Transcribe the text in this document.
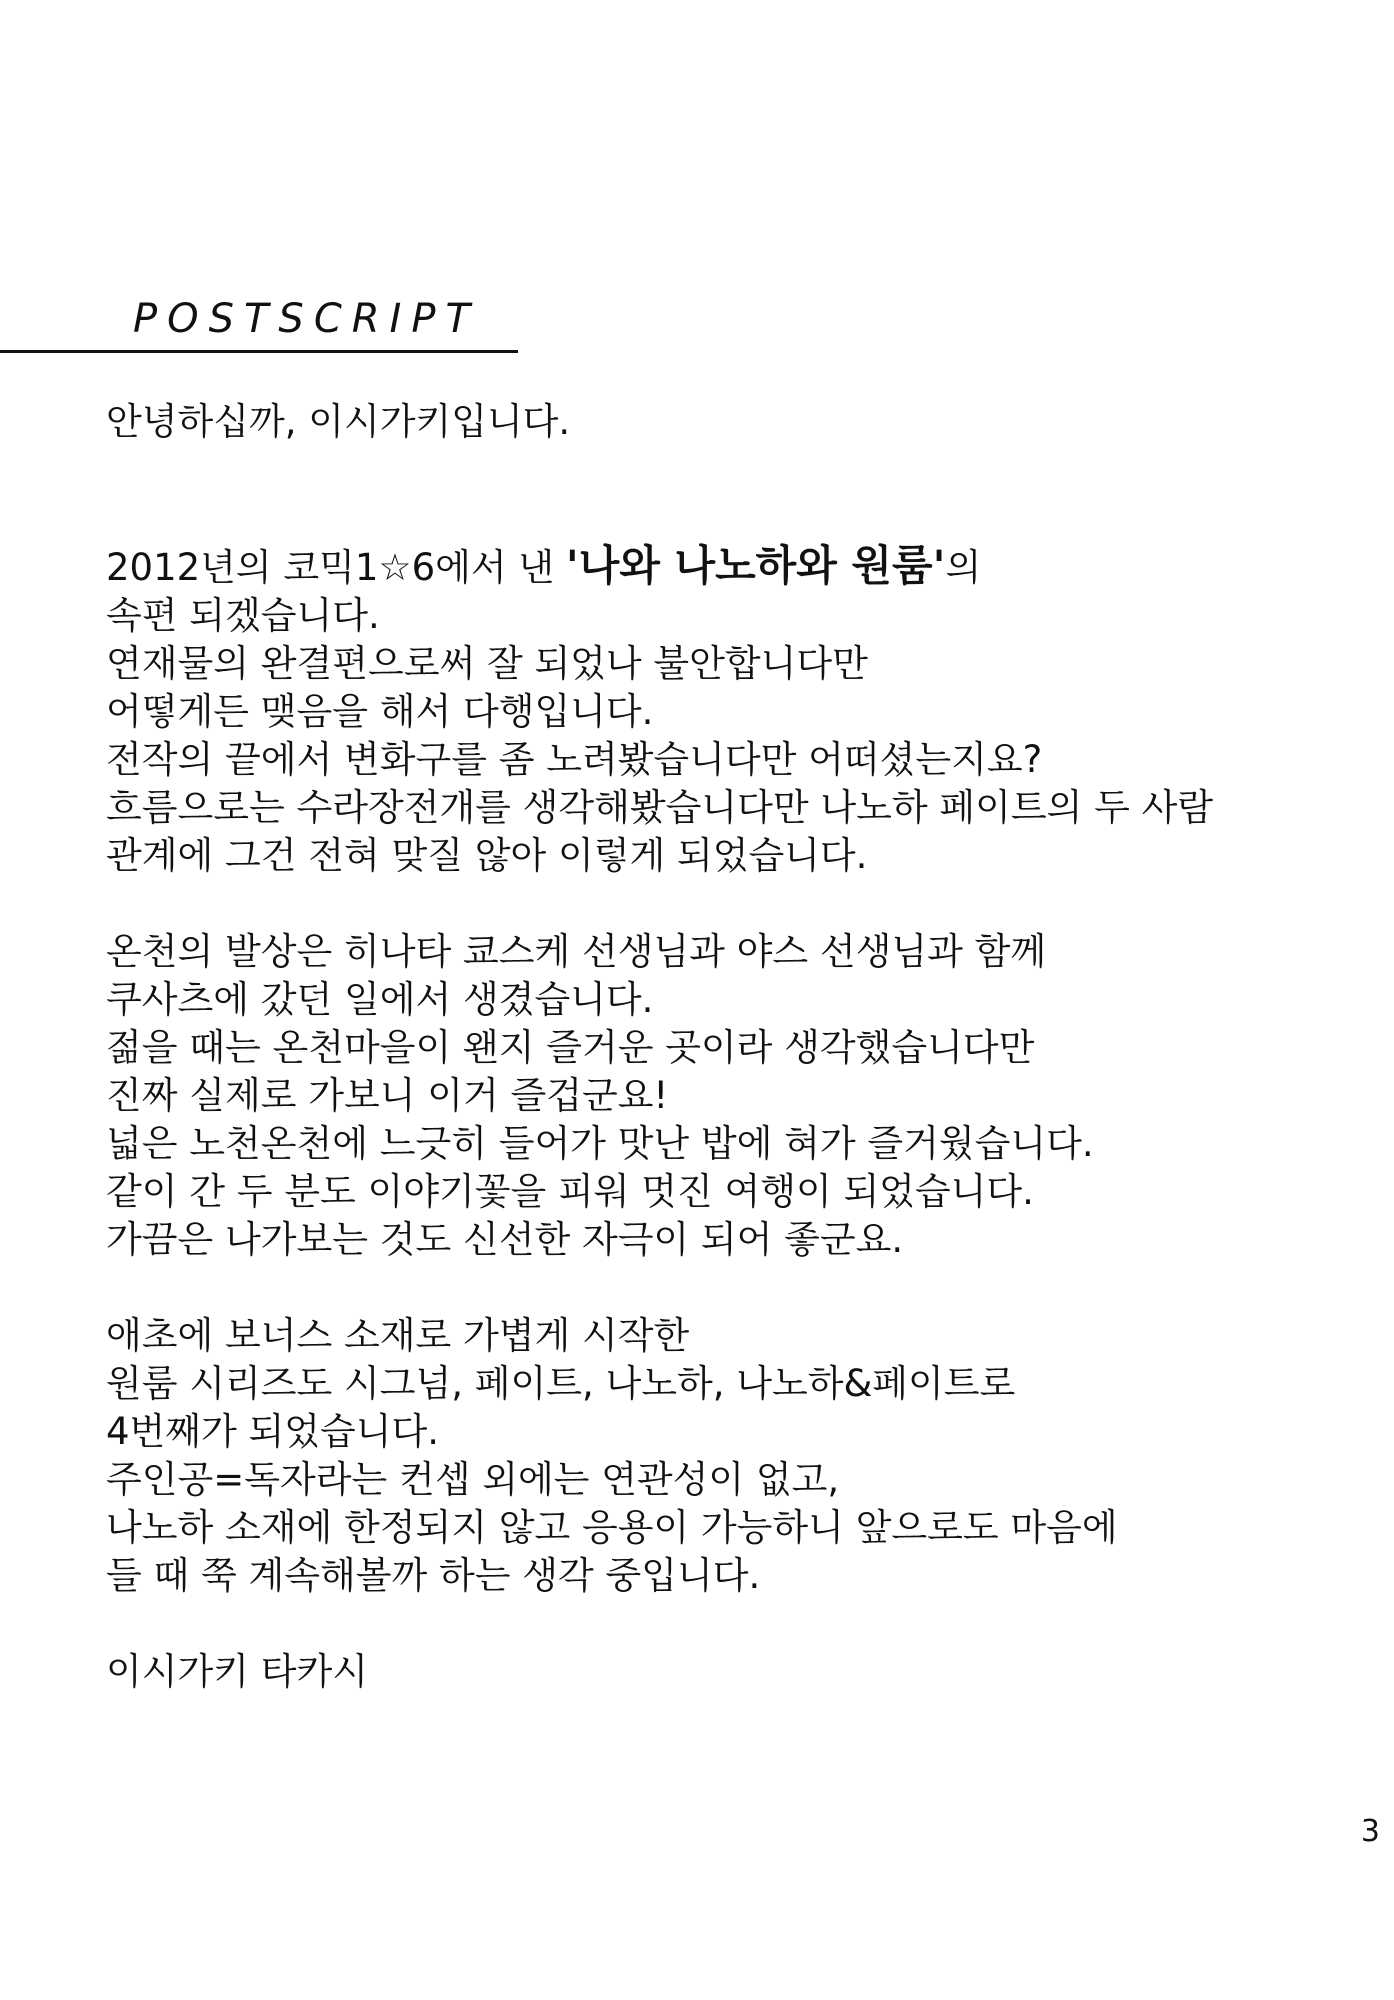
POSTSCRIPT

안녕하십까, 이시가키입니다.

2012년의 코믹1☆6에서 낸 '나와 나노하와 원룸'의
속편 되겠습니다.
연재물의 완결편으로써 잘 되었나 불안합니다만
어떻게든 맺음을 해서 다행입니다.
전작의 끝에서 변화구를 좀 노려봤습니다만 어떠셨는지요?
흐름으로는 수라장전개를 생각해봤습니다만 나노하 페이트의 두 사람
관계에 그건 전혀 맞질 않아 이렇게 되었습니다.

온천의 발상은 히나타 쿄스케 선생님과 야스 선생님과 함께
쿠사츠에 갔던 일에서 생겼습니다.
젊을 때는 온천마을이 왠지 즐거운 곳이라 생각했습니다만
진짜 실제로 가보니 이거 즐겁군요!
넓은 노천온천에 느긋히 들어가 맛난 밥에 혀가 즐거웠습니다.
같이 간 두 분도 이야기꽃을 피워 멋진 여행이 되었습니다.
가끔은 나가보는 것도 신선한 자극이 되어 좋군요.

애초에 보너스 소재로 가볍게 시작한
원룸 시리즈도 시그넘, 페이트, 나노하, 나노하&페이트로
4번째가 되었습니다.
주인공=독자라는 컨셉 외에는 연관성이 없고,
나노하 소재에 한정되지 않고 응용이 가능하니 앞으로도 마음에
들 때 쭉 계속해볼까 하는 생각 중입니다.

이시가키 타카시

3
